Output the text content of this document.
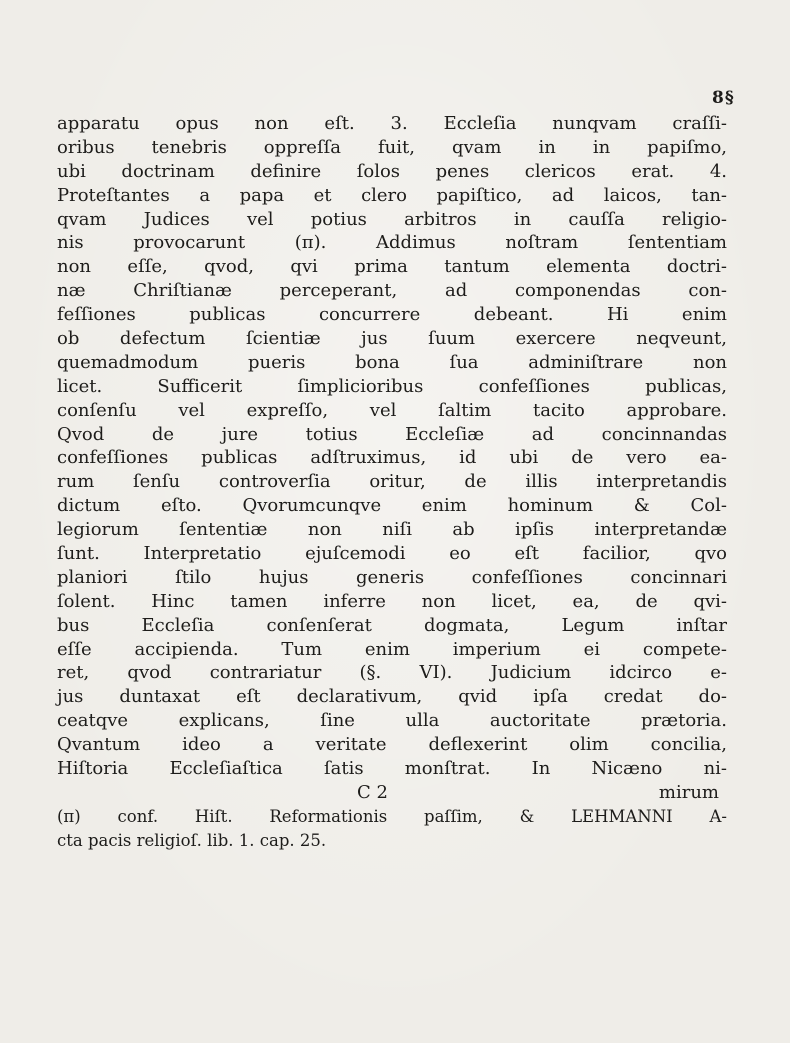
8§
apparatu opus non eſt. 3. Eccleſia nunqvam craſſi-
oribus tenebris oppreſſa fuit, qvam in in papiſmo,
ubi doctrinam definire ſolos penes clericos erat. 4.
Proteſtantes a papa et clero papiſtico, ad laicos, tan-
qvam Judices vel potius arbitros in cauſſa religio-
nis provocarunt (π). Addimus noſtram ſententiam
non eſſe, qvod, qvi prima tantum elementa doctri-
næ Chriſtianæ perceperant, ad componendas con-
feſſiones publicas concurrere debeant. Hi enim
ob defectum ſcientiæ jus ſuum exercere neqveunt,
quemadmodum pueris bona ſua adminiſtrare non
licet. Sufficerit ſimplicioribus confeſſiones publicas,
conſenſu vel expreſſo, vel ſaltim tacito approbare.
Qvod de jure totius Eccleſiæ ad concinnandas
confeſſiones publicas adſtruximus, id ubi de vero ea-
rum ſenſu controverſia oritur, de illis interpretandis
dictum eſto. Qvorumcunqve enim hominum & Col-
legiorum ſententiæ non niſi ab ipſis interpretandæ
ſunt. Interpretatio ejuſcemodi eo eſt facilior, qvo
planiori ſtilo hujus generis confeſſiones concinnari
ſolent. Hinc tamen inferre non licet, ea, de qvi-
bus Eccleſia conſenſerat dogmata, Legum inſtar
eſſe accipienda. Tum enim imperium ei compete-
ret, qvod contrariatur (§. VI). Judicium idcirco e-
jus duntaxat eſt declarativum, qvid ipſa credat do-
ceatqve explicans, ſine ulla auctoritate prætoria.
Qvantum ideo a veritate deflexerint olim concilia,
Hiſtoria Eccleſiaſtica ſatis monſtrat. In Nicæno ni-
C 2	mirum
(π) conf. Hiſt. Reformationis paſſim, & LEHMANNI A-
cta pacis religioſ. lib. 1. cap. 25.
